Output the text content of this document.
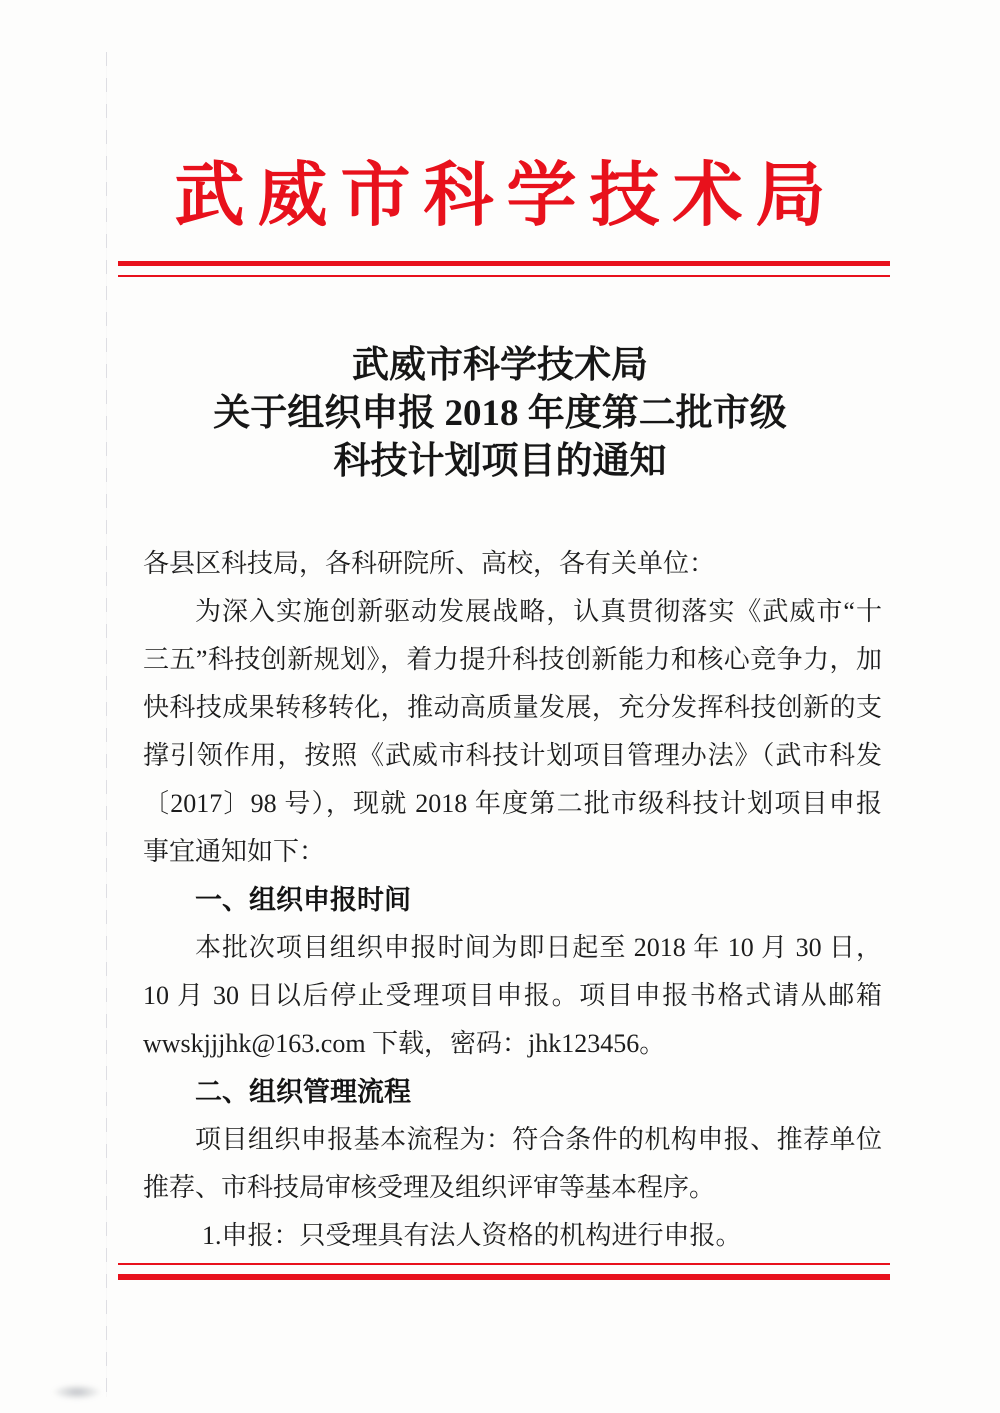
武威市科学技术局
武威市科学技术局
关于组织申报 2018 年度第二批市级
科技计划项目的通知
各县区科技局，各科研院所、高校，各有关单位：
为深入实施创新驱动发展战略，认真贯彻落实《武威市“十
三五”科技创新规划》，着力提升科技创新能力和核心竞争力，加
快科技成果转移转化，推动高质量发展，充分发挥科技创新的支
撑引领作用，按照《武威市科技计划项目管理办法》（武市科发
〔2017〕98 号），现就 2018 年度第二批市级科技计划项目申报
事宜通知如下：
一、组织申报时间
本批次项目组织申报时间为即日起至 2018 年 10 月 30 日，
10 月 30 日以后停止受理项目申报。项目申报书格式请从邮箱
wwskjjjhk@163.com 下载，密码：jhk123456。
二、组织管理流程
项目组织申报基本流程为：符合条件的机构申报、推荐单位
推荐、市科技局审核受理及组织评审等基本程序。
1.申报：只受理具有法人资格的机构进行申报。
